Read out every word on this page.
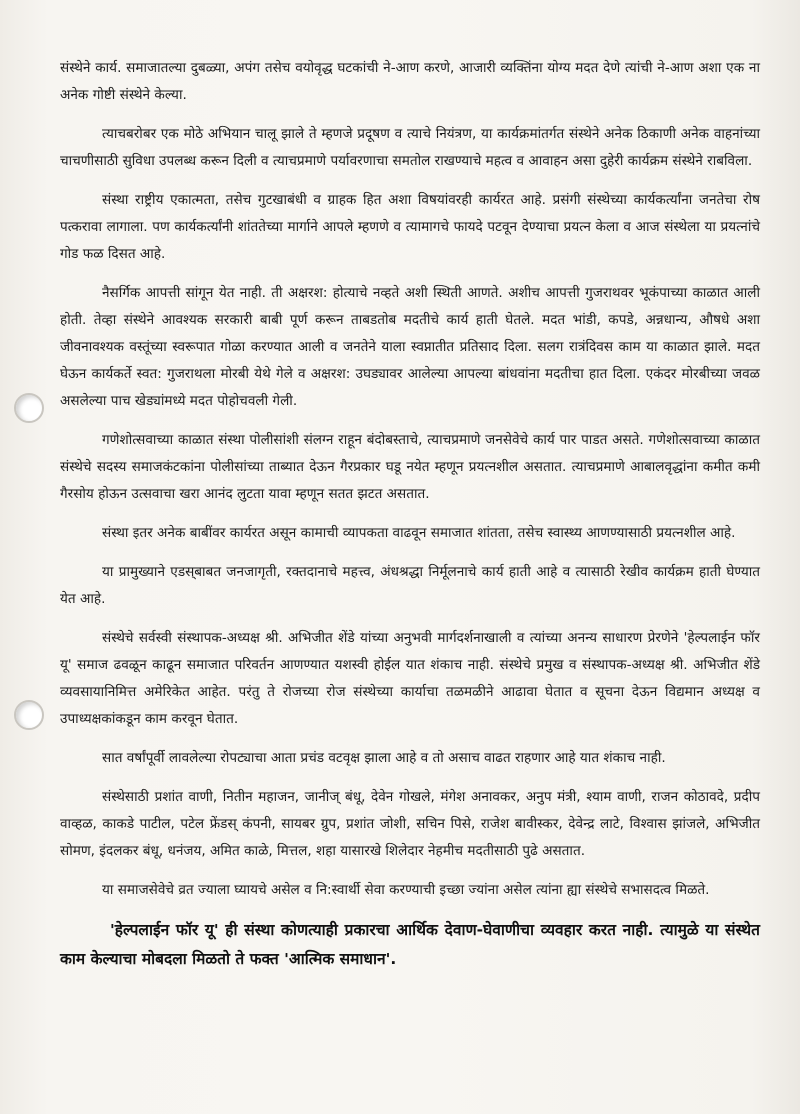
संस्थेने कार्य. समाजातल्या दुबळ्या, अपंग तसेच वयोवृद्ध घटकांची ने-आण करणे, आजारी व्यक्तिंना योग्य मदत देणे त्यांची ने-आण अशा एक ना अनेक गोष्टी संस्थेने केल्या.

त्याचबरोबर एक मोठे अभियान चालू झाले ते म्हणजे प्रदूषण व त्याचे नियंत्रण, या कार्यक्रमांतर्गत संस्थेने अनेक ठिकाणी अनेक वाहनांच्या चाचणीसाठी सुविधा उपलब्ध करून दिली व त्याचप्रमाणे पर्यावरणाचा समतोल राखण्याचे महत्व व आवाहन असा दुहेरी कार्यक्रम संस्थेने राबविला.

संस्था राष्ट्रीय एकात्मता, तसेच गुटखाबंधी व ग्राहक हित अशा विषयांवरही कार्यरत आहे. प्रसंगी संस्थेच्या कार्यकर्त्यांना जनतेचा रोष पत्करावा लागाला. पण कार्यकर्त्यांनी शांततेच्या मार्गाने आपले म्हणणे व त्यामागचे फायदे पटवून देण्याचा प्रयत्न केला व आज संस्थेला या प्रयत्नांचे गोड फळ दिसत आहे.

नैसर्गिक आपत्ती सांगून येत नाही. ती अक्षरश: होत्याचे नव्हते अशी स्थिती आणते. अशीच आपत्ती गुजराथवर भूकंपाच्या काळात आली होती. तेव्हा संस्थेने आवश्यक सरकारी बाबी पूर्ण करून ताबडतोब मदतीचे कार्य हाती घेतले. मदत भांडी, कपडे, अन्नधान्य, औषधे अशा जीवनावश्यक वस्तूंच्या स्वरूपात गोळा करण्यात आली व जनतेने याला स्वप्नातीत प्रतिसाद दिला. सलग रात्रंदिवस काम या काळात झाले. मदत घेऊन कार्यकर्ते स्वत: गुजराथला मोरबी येथे गेले व अक्षरश: उघड्यावर आलेल्या आपल्या बांधवांना मदतीचा हात दिला. एकंदर मोरबीच्या जवळ असलेल्या पाच खेड्यांमध्ये मदत पोहोचवली गेली.

गणेशोत्सवाच्या काळात संस्था पोलीसांशी संलग्न राहून बंदोबस्ताचे, त्याचप्रमाणे जनसेवेचे कार्य पार पाडत असते. गणेशोत्सवाच्या काळात संस्थेचे सदस्य समाजकंटकांना पोलीसांच्या ताब्यात देऊन गैरप्रकार घडू नयेत म्हणून प्रयत्नशील असतात. त्याचप्रमाणे आबालवृद्धांना कमीत कमी गैरसोय होऊन उत्सवाचा खरा आनंद लुटता यावा म्हणून सतत झटत असतात.

संस्था इतर अनेक बाबींवर कार्यरत असून कामाची व्यापकता वाढवून समाजात शांतता, तसेच स्वास्थ्य आणण्यासाठी प्रयत्नशील आहे.

या प्रामुख्याने एडस्‌बाबत जनजागृती, रक्तदानाचे महत्त्व, अंधश्रद्धा निर्मूलनाचे कार्य हाती आहे व त्यासाठी रेखीव कार्यक्रम हाती घेण्यात येत आहे.

संस्थेचे सर्वस्वी संस्थापक-अध्यक्ष श्री. अभिजीत शेंडे यांच्या अनुभवी मार्गदर्शनाखाली व त्यांच्या अनन्य साधारण प्रेरणेने 'हेल्पलाईन फॉर यू' समाज ढवळून काढून समाजात परिवर्तन आणण्यात यशस्वी होईल यात शंकाच नाही. संस्थेचे प्रमुख व संस्थापक-अध्यक्ष श्री. अभिजीत शेंडे व्यवसायानिमित्त अमेरिकेत आहेत. परंतु ते रोजच्या रोज संस्थेच्या कार्याचा तळमळीने आढावा घेतात व सूचना देऊन विद्यमान अध्यक्ष व उपाध्यक्षकांकडून काम करवून घेतात.

सात वर्षांपूर्वी लावलेल्या रोपट्याचा आता प्रचंड वटवृक्ष झाला आहे व तो असाच वाढत राहणार आहे यात शंकाच नाही.

संस्थेसाठी प्रशांत वाणी, नितीन महाजन, जानीज्‌ बंधू, देवेन गोखले, मंगेश अनावकर, अनुप मंत्री, श्याम वाणी, राजन कोठावदे, प्रदीप वाव्हळ, काकडे पाटील, पटेल फ्रेंडस्‌ कंपनी, सायबर ग्रुप, प्रशांत जोशी, सचिन पिसे, राजेश बावीस्कर, देवेन्द्र लाटे, विश्वास झांजले, अभिजीत सोमण, इंदलकर बंधू, धनंजय, अमित काळे, मित्तल, शहा यासारखे शिलेदार नेहमीच मदतीसाठी पुढे असतात.

या समाजसेवेचे व्रत ज्याला घ्यायचे असेल व नि:स्वार्थी सेवा करण्याची इच्छा ज्यांना असेल त्यांना ह्या संस्थेचे सभासदत्व मिळते.

'हेल्पलाईन फॉर यू' ही संस्था कोणत्याही प्रकारचा आर्थिक देवाण-घेवाणीचा व्यवहार करत नाही. त्यामुळे या संस्थेत काम केल्याचा मोबदला मिळतो ते फक्त 'आत्मिक समाधान'.
